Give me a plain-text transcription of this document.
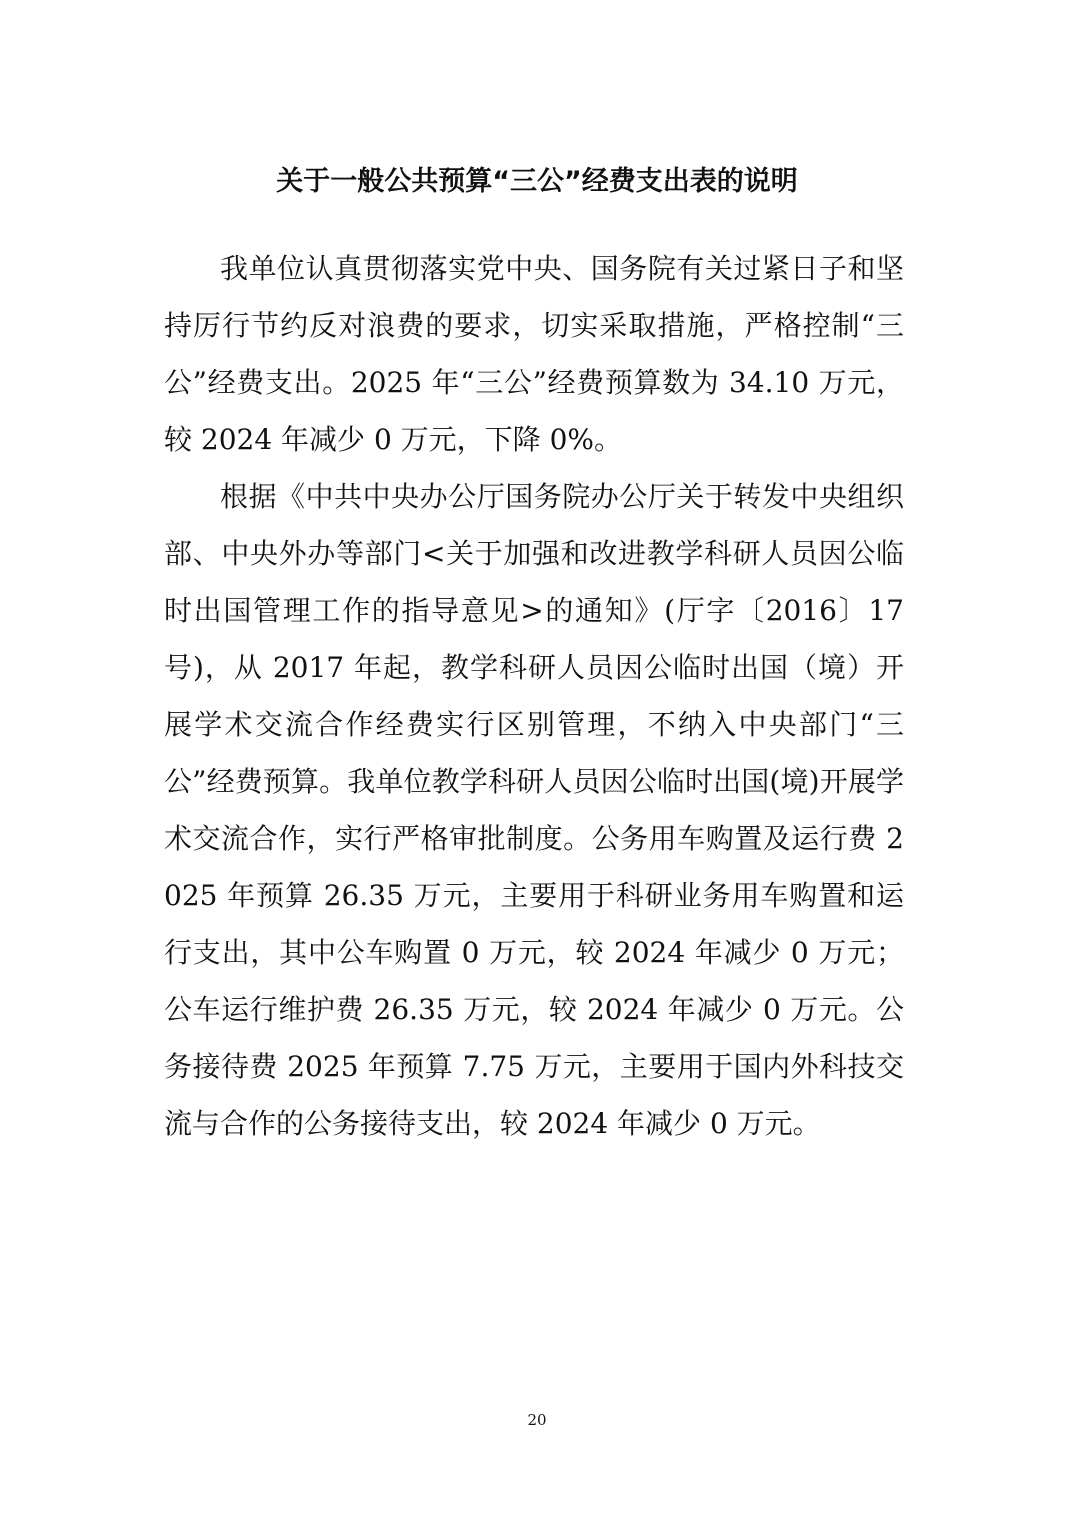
关于一般公共预算“三公”经费支出表的说明

我单位认真贯彻落实党中央、国务院有关过紧日子和坚持厉行节约反对浪费的要求，切实采取措施，严格控制“三公”经费支出。2025 年“三公”经费预算数为 34.10 万元，较 2024 年减少 0 万元，下降 0%。

根据《中共中央办公厅国务院办公厅关于转发中央组织部、中央外办等部门<关于加强和改进教学科研人员因公临时出国管理工作的指导意见>的通知》(厅字〔2016〕17 号)，从 2017 年起，教学科研人员因公临时出国（境）开展学术交流合作经费实行区别管理，不纳入中央部门“三公”经费预算。我单位教学科研人员因公临时出国(境)开展学术交流合作，实行严格审批制度。公务用车购置及运行费 2025 年预算 26.35 万元，主要用于科研业务用车购置和运行支出，其中公车购置 0 万元，较 2024 年减少 0 万元；公车运行维护费 26.35 万元，较 2024 年减少 0 万元。公务接待费 2025 年预算 7.75 万元，主要用于国内外科技交流与合作的公务接待支出，较 2024 年减少 0 万元。

20
